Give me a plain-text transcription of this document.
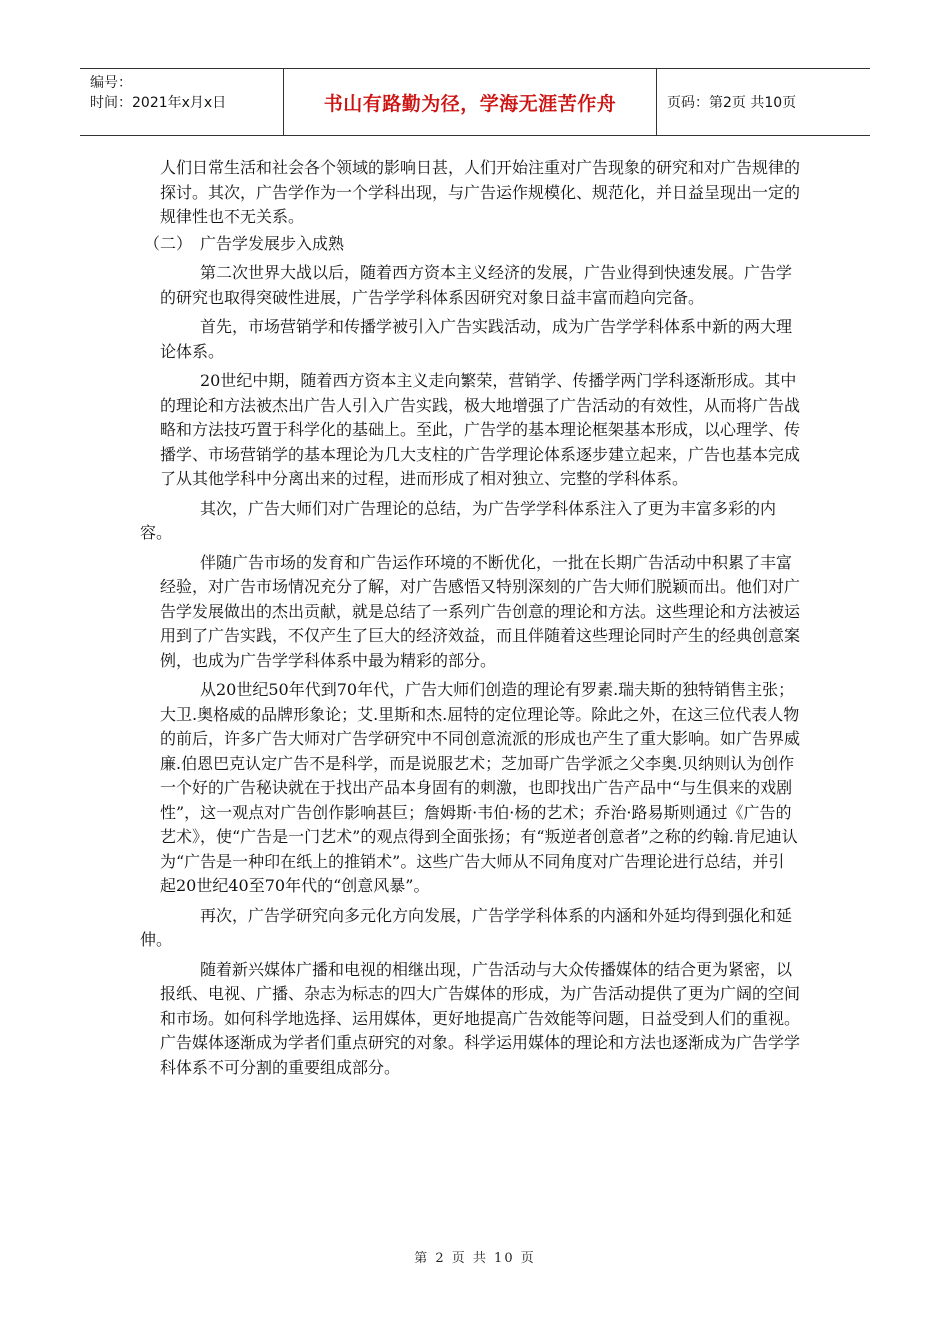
编号：
时间：2021年x月x日	书山有路勤为径，学海无涯苦作舟	页码：第2页 共10页

人们日常生活和社会各个领域的影响日甚，人们开始注重对广告现象的研究和对广告规律的探讨。其次，广告学作为一个学科出现，与广告运作规模化、规范化，并日益呈现出一定的规律性也不无关系。

（二）　广告学发展步入成熟

第二次世界大战以后，随着西方资本主义经济的发展，广告业得到快速发展。广告学的研究也取得突破性进展，广告学学科体系因研究对象日益丰富而趋向完备。

首先，市场营销学和传播学被引入广告实践活动，成为广告学学科体系中新的两大理论体系。

20世纪中期，随着西方资本主义走向繁荣，营销学、传播学两门学科逐渐形成。其中的理论和方法被杰出广告人引入广告实践，极大地增强了广告活动的有效性，从而将广告战略和方法技巧置于科学化的基础上。至此，广告学的基本理论框架基本形成，以心理学、传播学、市场营销学的基本理论为几大支柱的广告学理论体系逐步建立起来，广告也基本完成了从其他学科中分离出来的过程，进而形成了相对独立、完整的学科体系。

其次，广告大师们对广告理论的总结，为广告学学科体系注入了更为丰富多彩的内容。

伴随广告市场的发育和广告运作环境的不断优化，一批在长期广告活动中积累了丰富经验，对广告市场情况充分了解，对广告感悟又特别深刻的广告大师们脱颖而出。他们对广告学发展做出的杰出贡献，就是总结了一系列广告创意的理论和方法。这些理论和方法被运用到了广告实践，不仅产生了巨大的经济效益，而且伴随着这些理论同时产生的经典创意案例，也成为广告学学科体系中最为精彩的部分。

从20世纪50年代到70年代，广告大师们创造的理论有罗素.瑞夫斯的独特销售主张；大卫.奥格威的品牌形象论；艾.里斯和杰.屈特的定位理论等。除此之外，在这三位代表人物的前后，许多广告大师对广告学研究中不同创意流派的形成也产生了重大影响。如广告界威廉.伯恩巴克认定广告不是科学，而是说服艺术；芝加哥广告学派之父李奥.贝纳则认为创作一个好的广告秘诀就在于找出产品本身固有的刺激，也即找出广告产品中“与生俱来的戏剧性”，这一观点对广告创作影响甚巨；詹姆斯·韦伯·杨的艺术；乔治·路易斯则通过《广告的艺术》，使“广告是一门艺术”的观点得到全面张扬；有“叛逆者创意者”之称的约翰.肯尼迪认为“广告是一种印在纸上的推销术”。这些广告大师从不同角度对广告理论进行总结，并引起20世纪40至70年代的“创意风暴”。

再次，广告学研究向多元化方向发展，广告学学科体系的内涵和外延均得到强化和延伸。

随着新兴媒体广播和电视的相继出现，广告活动与大众传播媒体的结合更为紧密，以报纸、电视、广播、杂志为标志的四大广告媒体的形成，为广告活动提供了更为广阔的空间和市场。如何科学地选择、运用媒体，更好地提高广告效能等问题，日益受到人们的重视。广告媒体逐渐成为学者们重点研究的对象。科学运用媒体的理论和方法也逐渐成为广告学学科体系不可分割的重要组成部分。

第 2 页 共 10 页
